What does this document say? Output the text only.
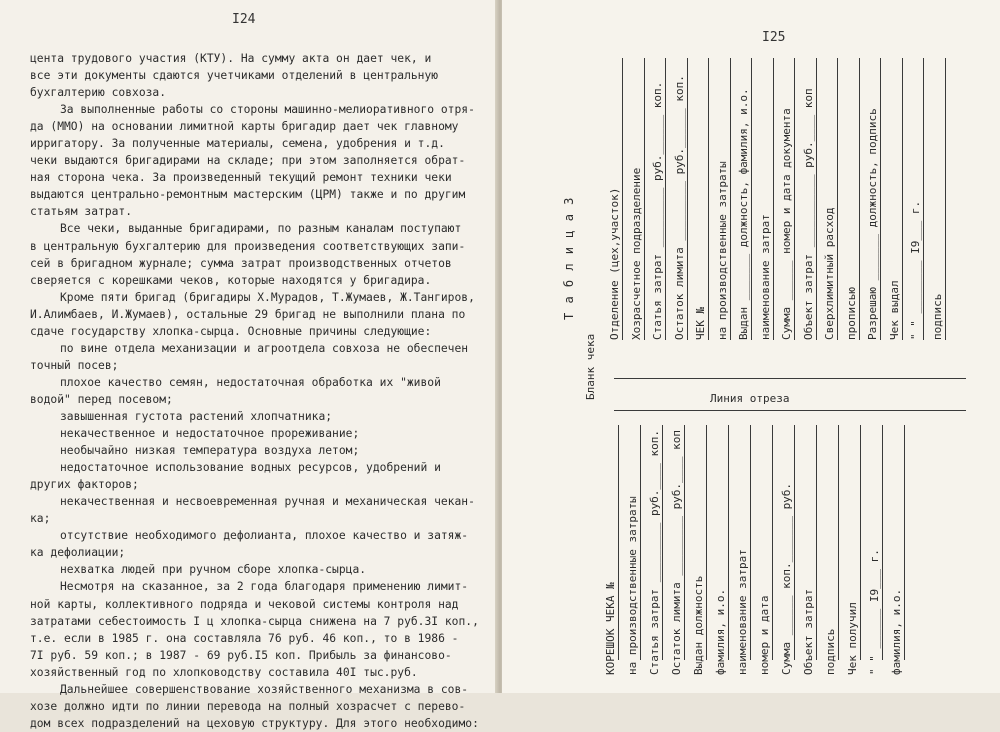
I24
цента трудового участия (КТУ). На сумму акта он дает чек, и
все эти документы сдаются учетчиками отделений в центральную
бухгалтерию совхоза.
За выполненные работы со стороны машинно-мелиоративного отря-
да (ММО) на основании лимитной карты бригадир дает чек главному
ирригатору. За полученные материалы, семена, удобрения и т.д.
чеки выдаются бригадирами на складе; при этом заполняется обрат-
ная сторона чека. За произведенный текущий ремонт техники чеки
выдаются центрально-ремонтным мастерским (ЦРМ) также и по другим
статьям затрат.
Все чеки, выданные бригадирами, по разным каналам поступают
в центральную бухгалтерию для произведения соответствующих запи-
сей в бригадном журнале; сумма затрат производственных отчетов
сверяется с корешками чеков, которые находятся у бригадира.
Кроме пяти бригад (бригадиры Х.Мурадов, Т.Жумаев, Ж.Тангиров,
И.Алимбаев, И.Жумаев), остальные 29 бригад не выполнили плана по
сдаче государству хлопка-сырца. Основные причины следующие:
по вине отдела механизации и агроотдела совхоза не обеспечен
точный посев;
плохое качество семян, недостаточная обработка их "живой
водой" перед посевом;
завышенная густота растений хлопчатника;
некачественное и недостаточное прореживание;
необычайно низкая температура воздуха летом;
недостаточное использование водных ресурсов, удобрений и
других факторов;
некачественная и несвоевременная ручная и механическая чекан-
ка;
отсутствие необходимого дефолианта, плохое качество и затяж-
ка дефолиации;
нехватка людей при ручном сборе хлопка-сырца.
Несмотря на сказанное, за 2 года благодаря применению лимит-
ной карты, коллективного подряда и чековой системы контроля над
затратами себестоимость I ц хлопка-сырца снижена на 7 руб.3I коп.,
т.е. если в 1985 г. она составляла 76 руб. 46 коп., то в 1986 -
7I руб. 59 коп.; в 1987 - 69 руб.I5 коп. Прибыль за финансово-
хозяйственный год по хлопководству составила 40I тыс.руб.
Дальнейшее совершенствование хозяйственного механизма в сов-
хозе должно идти по линии перевода на полный хозрасчет с перево-
дом всех подразделений на цеховую структуру. Для этого необходимо:
I25
Т а б л и ц а 3
Бланк чека	Линия отреза
Отделение (цех,участок) Хозрасчетное подразделение Статья затрат _________ руб.______ коп. Остаток лимита _________ руб.______ коп. ЧЕК № на производственные затраты Выдан _______ должность, фамилия, и.о. наименование затрат Сумма ______ номер и дата документа Объект затрат ___________ руб.____ коп Сверхлимитный расход прописью Разрешаю _______ должность, подпись Чек выдал " " ________ I9___ г. подпись
КОРЕШОК ЧЕКА № на производственные затраты Статья затрат _________ руб.____ коп. Остаток лимита _________ руб.____ коп Выдан должность фамилия, и.о. наименование затрат номер и дата Сумма ______ коп._______ руб. Объект затрат подпись Чек получил " " ______ I9___ г. фамилия, и.о.
